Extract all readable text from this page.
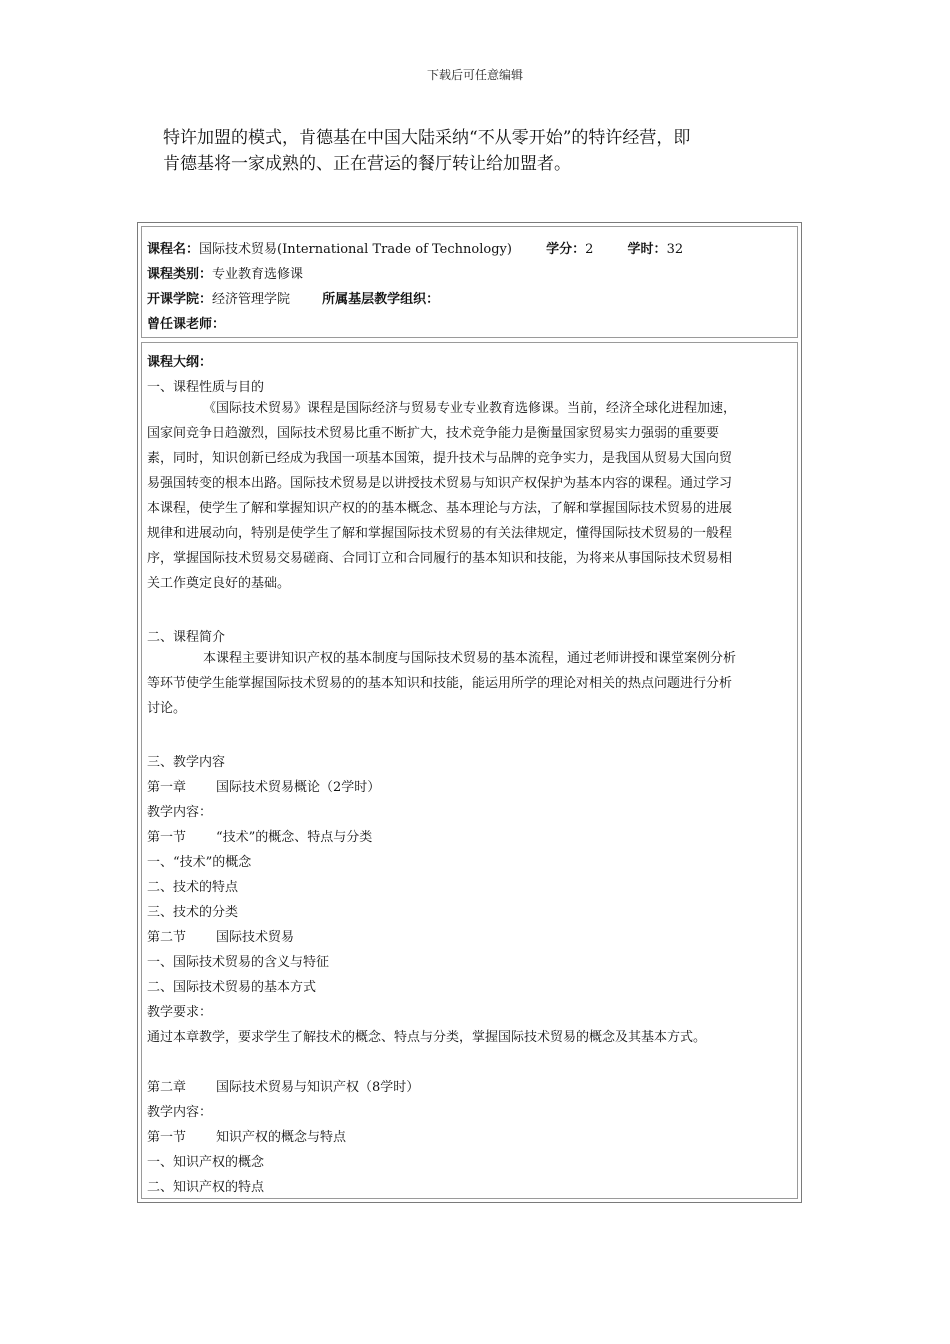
下载后可任意编辑

特许加盟的模式，肯德基在中国大陆采纳“不从零开始”的特许经营，即

肯德基将一家成熟的、正在营运的餐厅转让给加盟者。

课程名：国际技术贸易(International Trade of Technology)	学分：2	学时：32
课程类别：专业教育选修课
开课学院：经济管理学院 所属基层教学组织：
曾任课老师：
课程大纲：
一、课程性质与目的
《国际技术贸易》课程是国际经济与贸易专业专业教育选修课。当前，经济全球化进程加速，
国家间竞争日趋激烈，国际技术贸易比重不断扩大，技术竞争能力是衡量国家贸易实力强弱的重要要
素，同时，知识创新已经成为我国一项基本国策，提升技术与品牌的竞争实力，是我国从贸易大国向贸
易强国转变的根本出路。国际技术贸易是以讲授技术贸易与知识产权保护为基本内容的课程。通过学习
本课程，使学生了解和掌握知识产权的的基本概念、基本理论与方法，了解和掌握国际技术贸易的进展
规律和进展动向，特别是使学生了解和掌握国际技术贸易的有关法律规定，懂得国际技术贸易的一般程
序，掌握国际技术贸易交易磋商、合同订立和合同履行的基本知识和技能，为将来从事国际技术贸易相
关工作奠定良好的基础。
二、课程简介
本课程主要讲知识产权的基本制度与国际技术贸易的基本流程，通过老师讲授和课堂案例分析
等环节使学生能掌握国际技术贸易的的基本知识和技能，能运用所学的理论对相关的热点问题进行分析
讨论。
三、教学内容
第一章 国际技术贸易概论（2学时）
教学内容：
第一节 “技术”的概念、特点与分类
一、“技术”的概念
二、技术的特点
三、技术的分类
第二节 国际技术贸易
一、国际技术贸易的含义与特征
二、国际技术贸易的基本方式
教学要求：
通过本章教学，要求学生了解技术的概念、特点与分类，掌握国际技术贸易的概念及其基本方式。
第二章 国际技术贸易与知识产权（8学时）
教学内容：
第一节 知识产权的概念与特点
一、知识产权的概念
二、知识产权的特点
